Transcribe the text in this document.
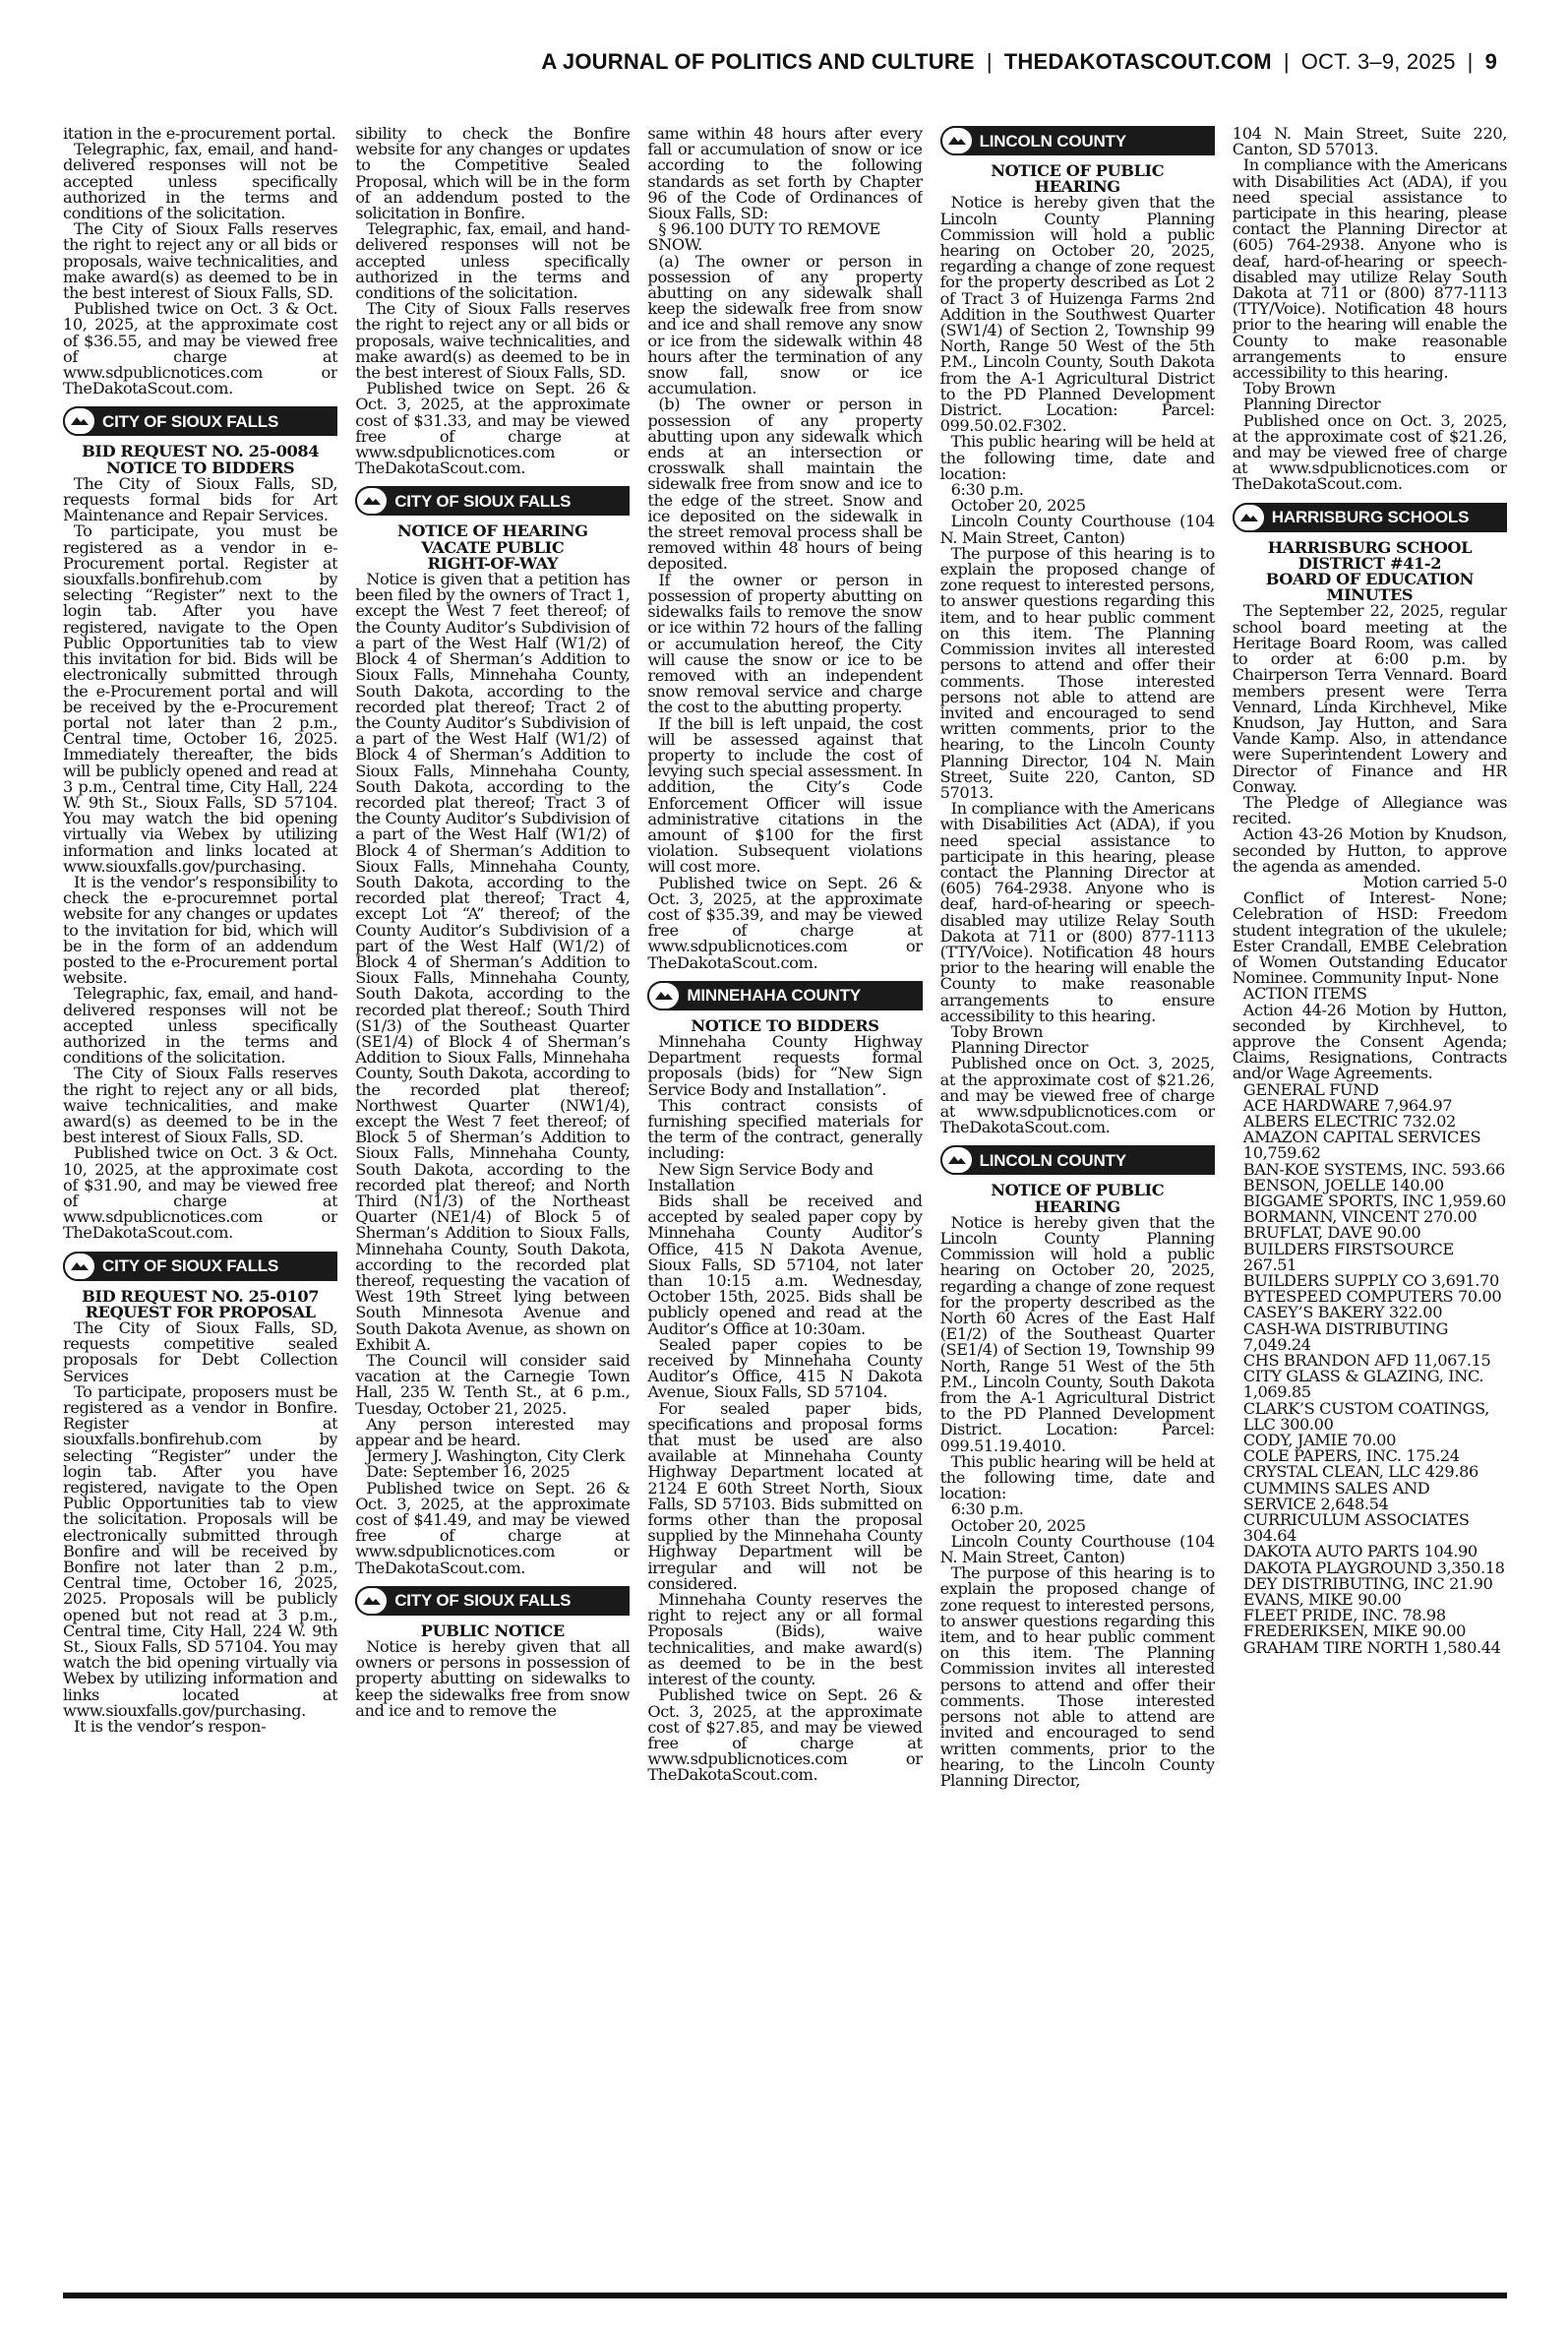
A JOURNAL OF POLITICS AND CULTURE | THEDAKOTASCOUT.COM | OCT. 3–9, 2025 | 9

itation in the e-procurement portal.

Telegraphic, fax, email, and hand-delivered responses will not be accepted unless specifically authorized in the terms and conditions of the solicitation.

The City of Sioux Falls reserves the right to reject any or all bids or proposals, waive technicalities, and make award(s) as deemed to be in the best interest of Sioux Falls, SD.

Published twice on Oct. 3 & Oct. 10, 2025, at the approximate cost of $36.55, and may be viewed free of charge at www.sdpublicnotices.com or TheDakotaScout.com.

CITY OF SIOUX FALLS

BID REQUEST NO. 25-0084

NOTICE TO BIDDERS

The City of Sioux Falls, SD, requests formal bids for Art Maintenance and Repair Services.

To participate, you must be registered as a vendor in e-Procurement portal. Register at siouxfalls.bonfirehub.com by selecting “Register” next to the login tab. After you have registered, navigate to the Open Public Opportunities tab to view this invitation for bid. Bids will be electronically submitted through the e-Procurement portal and will be received by the e-Procurement portal not later than 2 p.m., Central time, October 16, 2025. Immediately thereafter, the bids will be publicly opened and read at 3 p.m., Central time, City Hall, 224 W. 9th St., Sioux Falls, SD 57104. You may watch the bid opening virtually via Webex by utilizing information and links located at www.siouxfalls.gov/purchasing.

It is the vendor’s responsibility to check the e-procuremnet portal website for any changes or updates to the invitation for bid, which will be in the form of an addendum posted to the e-Procurement portal website.

Telegraphic, fax, email, and hand-delivered responses will not be accepted unless specifically authorized in the terms and conditions of the solicitation.

The City of Sioux Falls reserves the right to reject any or all bids, waive technicalities, and make award(s) as deemed to be in the best interest of Sioux Falls, SD.

Published twice on Oct. 3 & Oct. 10, 2025, at the approximate cost of $31.90, and may be viewed free of charge at www.sdpublicnotices.com or TheDakotaScout.com.

CITY OF SIOUX FALLS

BID REQUEST NO. 25-0107

REQUEST FOR PROPOSAL

The City of Sioux Falls, SD, requests competitive sealed proposals for Debt Collection Services

To participate, proposers must be registered as a vendor in Bonfire. Register at siouxfalls.bonfirehub.com by selecting “Register” under the login tab. After you have registered, navigate to the Open Public Opportunities tab to view the solicitation. Proposals will be electronically submitted through Bonfire and will be received by Bonfire not later than 2 p.m., Central time, October 16, 2025, 2025. Proposals will be publicly opened but not read at 3 p.m., Central time, City Hall, 224 W. 9th St., Sioux Falls, SD 57104. You may watch the bid opening virtually via Webex by utilizing information and links located at www.siouxfalls.gov/purchasing.

It is the vendor’s respon-

sibility to check the Bonfire website for any changes or updates to the Competitive Sealed Proposal, which will be in the form of an addendum posted to the solicitation in Bonfire.

Telegraphic, fax, email, and hand-delivered responses will not be accepted unless specifically authorized in the terms and conditions of the solicitation.

The City of Sioux Falls reserves the right to reject any or all bids or proposals, waive technicalities, and make award(s) as deemed to be in the best interest of Sioux Falls, SD.

Published twice on Sept. 26 & Oct. 3, 2025, at the approximate cost of $31.33, and may be viewed free of charge at www.sdpublicnotices.com or TheDakotaScout.com.

CITY OF SIOUX FALLS

NOTICE OF HEARING

VACATE PUBLIC

RIGHT-OF-WAY

Notice is given that a petition has been filed by the owners of Tract 1, except the West 7 feet thereof; of the County Auditor’s Subdivision of a part of the West Half (W1/2) of Block 4 of Sherman’s Addition to Sioux Falls, Minnehaha County, South Dakota, according to the recorded plat thereof; Tract 2 of the County Auditor’s Subdivision of a part of the West Half (W1/2) of Block 4 of Sherman’s Addition to Sioux Falls, Minnehaha County, South Dakota, according to the recorded plat thereof; Tract 3 of the County Auditor’s Subdivision of a part of the West Half (W1/2) of Block 4 of Sherman’s Addition to Sioux Falls, Minnehaha County, South Dakota, according to the recorded plat thereof; Tract 4, except Lot “A” thereof; of the County Auditor’s Subdivision of a part of the West Half (W1/2) of Block 4 of Sherman’s Addition to Sioux Falls, Minnehaha County, South Dakota, according to the recorded plat thereof.; South Third (S1/3) of the Southeast Quarter (SE1/4) of Block 4 of Sherman’s Addition to Sioux Falls, Minnehaha County, South Dakota, according to the recorded plat thereof; Northwest Quarter (NW1/4), except the West 7 feet thereof; of Block 5 of Sherman’s Addition to Sioux Falls, Minnehaha County, South Dakota, according to the recorded plat thereof; and North Third (N1/3) of the Northeast Quarter (NE1/4) of Block 5 of Sherman’s Addition to Sioux Falls, Minnehaha County, South Dakota, according to the recorded plat thereof, requesting the vacation of West 19th Street lying between South Minnesota Avenue and South Dakota Avenue, as shown on Exhibit A.

The Council will consider said vacation at the Carnegie Town Hall, 235 W. Tenth St., at 6 p.m., Tuesday, October 21, 2025.

Any person interested may appear and be heard.

Jermery J. Washington, City Clerk

Date: September 16, 2025

Published twice on Sept. 26 & Oct. 3, 2025, at the approximate cost of $41.49, and may be viewed free of charge at www.sdpublicnotices.com or TheDakotaScout.com.

CITY OF SIOUX FALLS

PUBLIC NOTICE

Notice is hereby given that all owners or persons in possession of property abutting on sidewalks to keep the sidewalks free from snow and ice and to remove the

same within 48 hours after every fall or accumulation of snow or ice according to the following standards as set forth by Chapter 96 of the Code of Ordinances of Sioux Falls, SD:

§ 96.100 DUTY TO REMOVE SNOW.

(a) The owner or person in possession of any property abutting on any sidewalk shall keep the sidewalk free from snow and ice and shall remove any snow or ice from the sidewalk within 48 hours after the termination of any snow fall, snow or ice accumulation.

(b) The owner or person in possession of any property abutting upon any sidewalk which ends at an intersection or crosswalk shall maintain the sidewalk free from snow and ice to the edge of the street. Snow and ice deposited on the sidewalk in the street removal process shall be removed within 48 hours of being deposited.

If the owner or person in possession of property abutting on sidewalks fails to remove the snow or ice within 72 hours of the falling or accumulation hereof, the City will cause the snow or ice to be removed with an independent snow removal service and charge the cost to the abutting property.

If the bill is left unpaid, the cost will be assessed against that property to include the cost of levying such special assessment. In addition, the City’s Code Enforcement Officer will issue administrative citations in the amount of $100 for the first violation. Subsequent violations will cost more.

Published twice on Sept. 26 & Oct. 3, 2025, at the approximate cost of $35.39, and may be viewed free of charge at www.sdpublicnotices.com or TheDakotaScout.com.

MINNEHAHA COUNTY

NOTICE TO BIDDERS

Minnehaha County Highway Department requests formal proposals (bids) for “New Sign Service Body and Installation”.

This contract consists of furnishing specified materials for the term of the contract, generally including:

New Sign Service Body and Installation

Bids shall be received and accepted by sealed paper copy by Minnehaha County Auditor’s Office, 415 N Dakota Avenue, Sioux Falls, SD 57104, not later than 10:15 a.m. Wednesday, October 15th, 2025. Bids shall be publicly opened and read at the Auditor’s Office at 10:30am.

Sealed paper copies to be received by Minnehaha County Auditor’s Office, 415 N Dakota Avenue, Sioux Falls, SD 57104.

For sealed paper bids, specifications and proposal forms that must be used are also available at Minnehaha County Highway Department located at 2124 E 60th Street North, Sioux Falls, SD 57103. Bids submitted on forms other than the proposal supplied by the Minnehaha County Highway Department will be irregular and will not be considered.

Minnehaha County reserves the right to reject any or all formal Proposals (Bids), waive technicalities, and make award(s) as deemed to be in the best interest of the county.

Published twice on Sept. 26 & Oct. 3, 2025, at the approximate cost of $27.85, and may be viewed free of charge at www.sdpublicnotices.com or TheDakotaScout.com.

LINCOLN COUNTY

NOTICE OF PUBLIC

HEARING

Notice is hereby given that the Lincoln County Planning Commission will hold a public hearing on October 20, 2025, regarding a change of zone request for the property described as Lot 2 of Tract 3 of Huizenga Farms 2nd Addition in the Southwest Quarter (SW1/4) of Section 2, Township 99 North, Range 50 West of the 5th P.M., Lincoln County, South Dakota from the A-1 Agricultural District to the PD Planned Development District. Location: Parcel: 099.50.02.F302.

This public hearing will be held at the following time, date and location:

6:30 p.m.

October 20, 2025

Lincoln County Courthouse (104 N. Main Street, Canton)

The purpose of this hearing is to explain the proposed change of zone request to interested persons, to answer questions regarding this item, and to hear public comment on this item. The Planning Commission invites all interested persons to attend and offer their comments. Those interested persons not able to attend are invited and encouraged to send written comments, prior to the hearing, to the Lincoln County Planning Director, 104 N. Main Street, Suite 220, Canton, SD 57013.

In compliance with the Americans with Disabilities Act (ADA), if you need special assistance to participate in this hearing, please contact the Planning Director at (605) 764-2938. Anyone who is deaf, hard-of-hearing or speech-disabled may utilize Relay South Dakota at 711 or (800) 877-1113 (TTY/Voice). Notification 48 hours prior to the hearing will enable the County to make reasonable arrangements to ensure accessibility to this hearing.

Toby Brown

Planning Director

Published once on Oct. 3, 2025, at the approximate cost of $21.26, and may be viewed free of charge at www.sdpublicnotices.com or TheDakotaScout.com.

LINCOLN COUNTY

NOTICE OF PUBLIC

HEARING

Notice is hereby given that the Lincoln County Planning Commission will hold a public hearing on October 20, 2025, regarding a change of zone request for the property described as the North 60 Acres of the East Half (E1/2) of the Southeast Quarter (SE1/4) of Section 19, Township 99 North, Range 51 West of the 5th P.M., Lincoln County, South Dakota from the A-1 Agricultural District to the PD Planned Development District. Location: Parcel: 099.51.19.4010.

This public hearing will be held at the following time, date and location:

6:30 p.m.

October 20, 2025

Lincoln County Courthouse (104 N. Main Street, Canton)

The purpose of this hearing is to explain the proposed change of zone request to interested persons, to answer questions regarding this item, and to hear public comment on this item. The Planning Commission invites all interested persons to attend and offer their comments. Those interested persons not able to attend are invited and encouraged to send written comments, prior to the hearing, to the Lincoln County Planning Director,

104 N. Main Street, Suite 220, Canton, SD 57013.

In compliance with the Americans with Disabilities Act (ADA), if you need special assistance to participate in this hearing, please contact the Planning Director at (605) 764-2938. Anyone who is deaf, hard-of-hearing or speech-disabled may utilize Relay South Dakota at 711 or (800) 877-1113 (TTY/Voice). Notification 48 hours prior to the hearing will enable the County to make reasonable arrangements to ensure accessibility to this hearing.

Toby Brown

Planning Director

Published once on Oct. 3, 2025, at the approximate cost of $21.26, and may be viewed free of charge at www.sdpublicnotices.com or TheDakotaScout.com.

HARRISBURG SCHOOLS

HARRISBURG SCHOOL

DISTRICT #41-2

BOARD OF EDUCATION

MINUTES

The September 22, 2025, regular school board meeting at the Heritage Board Room, was called to order at 6:00 p.m. by Chairperson Terra Vennard. Board members present were Terra Vennard, Linda Kirchhevel, Mike Knudson, Jay Hutton, and Sara Vande Kamp. Also, in attendance were Superintendent Lowery and Director of Finance and HR Conway.

The Pledge of Allegiance was recited.

Action 43-26 Motion by Knudson, seconded by Hutton, to approve the agenda as amended.

Motion carried 5-0

Conflict of Interest- None; Celebration of HSD: Freedom student integration of the ukulele; Ester Crandall, EMBE Celebration of Women Outstanding Educator Nominee. Community Input- None

ACTION ITEMS

Action 44-26 Motion by Hutton, seconded by Kirchhevel, to approve the Consent Agenda; Claims, Resignations, Contracts and/or Wage Agreements.

GENERAL FUND

ACE HARDWARE 7,964.97

ALBERS ELECTRIC 732.02

AMAZON CAPITAL SERVICES 10,759.62

BAN-KOE SYSTEMS, INC. 593.66

BENSON, JOELLE 140.00

BIGGAME SPORTS, INC 1,959.60

BORMANN, VINCENT 270.00

BRUFLAT, DAVE 90.00

BUILDERS FIRSTSOURCE 267.51

BUILDERS SUPPLY CO 3,691.70

BYTESPEED COMPUTERS 70.00

CASEY’S BAKERY 322.00

CASH-WA DISTRIBUTING 7,049.24

CHS BRANDON AFD 11,067.15

CITY GLASS & GLAZING, INC. 1,069.85

CLARK’S CUSTOM COATINGS, LLC 300.00

CODY, JAMIE 70.00

COLE PAPERS, INC. 175.24

CRYSTAL CLEAN, LLC 429.86

CUMMINS SALES AND SERVICE 2,648.54

CURRICULUM ASSOCIATES 304.64

DAKOTA AUTO PARTS 104.90

DAKOTA PLAYGROUND 3,350.18

DEY DISTRIBUTING, INC 21.90

EVANS, MIKE 90.00

FLEET PRIDE, INC. 78.98

FREDERIKSEN, MIKE 90.00

GRAHAM TIRE NORTH 1,580.44
